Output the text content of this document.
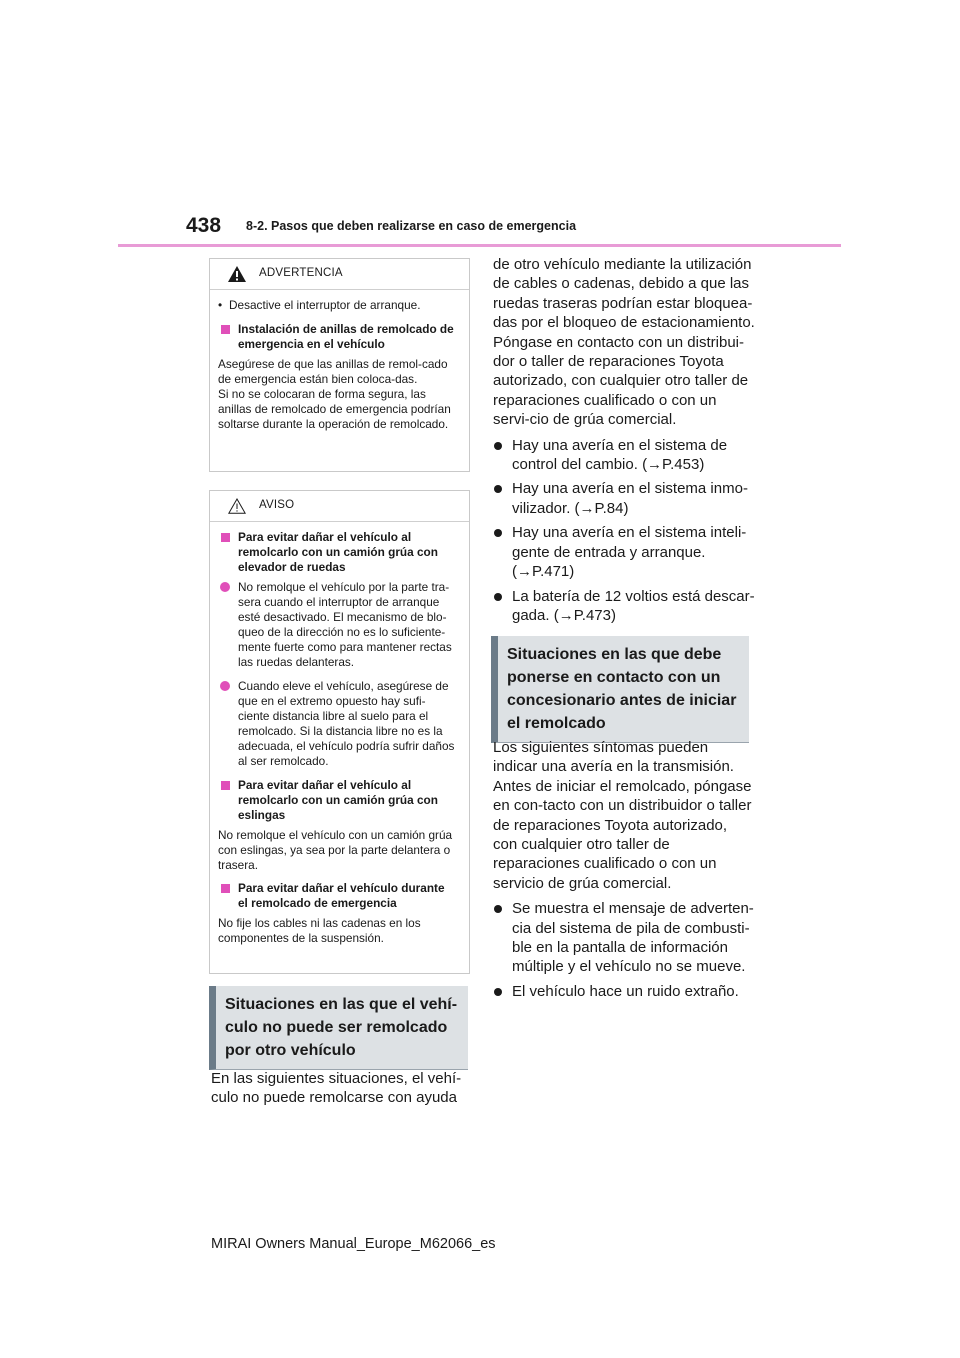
438 8-2. Pasos que deben realizarse en caso de emergencia
ADVERTENCIA
• Desactive el interruptor de arranque.
Instalación de anillas de remolcado de emergencia en el vehículo

Asegúrese de que las anillas de remol-cado de emergencia están bien coloca-das.
Si no se colocaran de forma segura, las anillas de remolcado de emergencia podrían soltarse durante la operación de remolcado.

AVISO
Para evitar dañar el vehículo al remolcarlo con un camión grúa con elevador de ruedas
No remolque el vehículo por la parte tra-sera cuando el interruptor de arranque esté desactivado. El mecanismo de blo-queo de la dirección no es lo suficiente-mente fuerte como para mantener rectas las ruedas delanteras.
Cuando eleve el vehículo, asegúrese de que en el extremo opuesto hay sufi-ciente distancia libre al suelo para el remolcado. Si la distancia libre no es la adecuada, el vehículo podría sufrir daños al ser remolcado.
Para evitar dañar el vehículo al remolcarlo con un camión grúa con eslingas

No remolque el vehículo con un camión grúa con eslingas, ya sea por la parte delantera o trasera.

Para evitar dañar el vehículo durante el remolcado de emergencia

No fije los cables ni las cadenas en los componentes de la suspensión.

Situaciones en las que el vehí-culo no puede ser remolcado por otro vehículo

En las siguientes situaciones, el vehí-culo no puede remolcarse con ayuda

de otro vehículo mediante la utilización de cables o cadenas, debido a que las ruedas traseras podrían estar bloquea-das por el bloqueo de estacionamiento. Póngase en contacto con un distribui-dor o taller de reparaciones Toyota autorizado, con cualquier otro taller de reparaciones cualificado o con un servi-cio de grúa comercial.

Hay una avería en el sistema de control del cambio. (→P.453)
Hay una avería en el sistema inmo-vilizador. (→P.84)
Hay una avería en el sistema inteli-gente de entrada y arranque. (→P.471)
La batería de 12 voltios está descar-gada. (→P.473)
Situaciones en las que debe ponerse en contacto con un concesionario antes de iniciar el remolcado

Los siguientes síntomas pueden indicar una avería en la transmisión. Antes de iniciar el remolcado, póngase en con-tacto con un distribuidor o taller de reparaciones Toyota autorizado, con cualquier otro taller de reparaciones cualificado o con un servicio de grúa comercial.

Se muestra el mensaje de adverten-cia del sistema de pila de combusti-ble en la pantalla de información múltiple y el vehículo no se mueve.
El vehículo hace un ruido extraño.
MIRAI Owners Manual_Europe_M62066_es
